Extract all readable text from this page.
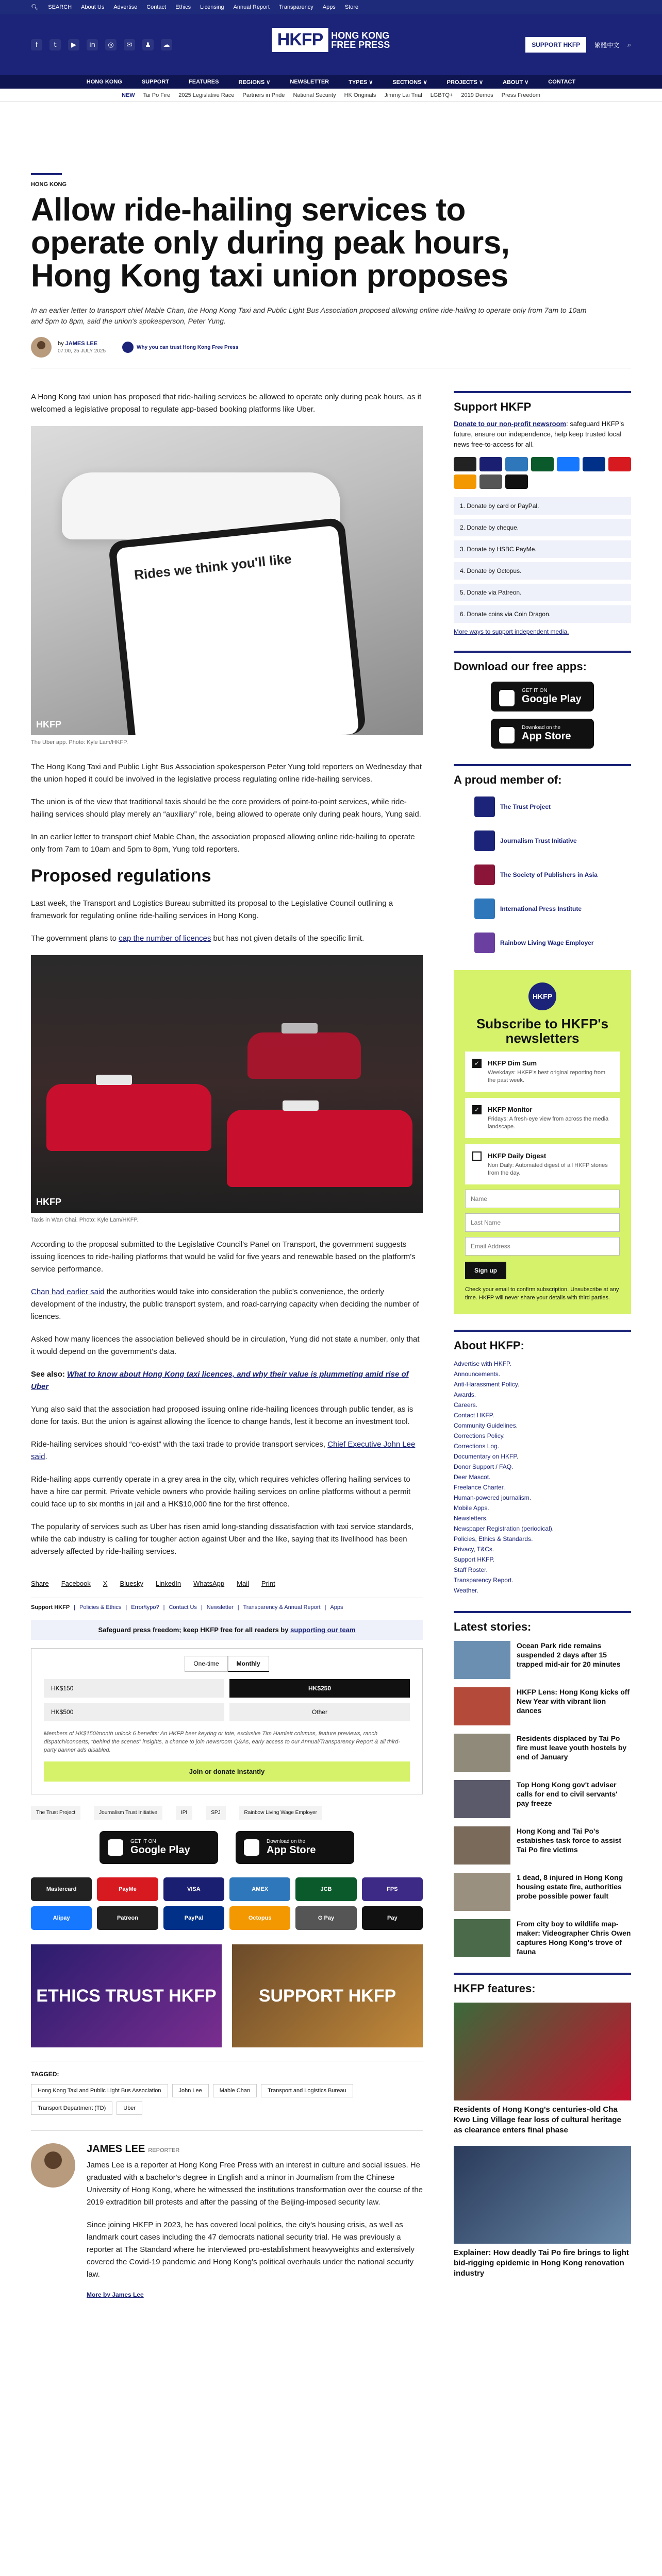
🔍︎ SEARCH About Us Advertise Contact Ethics Licensing Annual Report Transparency Apps Store
f	t	▶	in	◎	✉	♟	☁	HKFP HONG KONG
FREE PRESS	SUPPORT HKFP	繁體中文 ⌕
HONG KONG	SUPPORT	FEATURES	REGIONS ∨	NEWSLETTER	TYPES ∨	SECTIONS ∨	PROJECTS ∨	ABOUT ∨	CONTACT
NEW Tai Po Fire 2025 Legislative Race Partners in Pride National Security HK Originals Jimmy Lai Trial LGBTQ+ 2019 Demos Press Freedom
HONG KONG
Allow ride-hailing services to operate only during peak hours, Hong Kong taxi union proposes

In an earlier letter to transport chief Mable Chan, the Hong Kong Taxi and Public Light Bus Association proposed allowing online ride-hailing to operate only from 7am to 10am and 5pm to 8pm, said the union's spokesperson, Peter Yung.

by JAMES LEE
07:00, 25 JULY 2025
Why you can trust Hong Kong Free Press

A Hong Kong taxi union has proposed that ride-hailing services be allowed to operate only during peak hours, as it welcomed a legislative proposal to regulate app-based booking platforms like Uber.

Rides we think you'll like
HKFP
The Uber app. Photo: Kyle Lam/HKFP.

The Hong Kong Taxi and Public Light Bus Association spokesperson Peter Yung told reporters on Wednesday that the union hoped it could be involved in the legislative process regulating online ride-hailing services.

The union is of the view that traditional taxis should be the core providers of point-to-point services, while ride-hailing services should play merely an “auxiliary” role, being allowed to operate only during peak hours, Yung said.

In an earlier letter to transport chief Mable Chan, the association proposed allowing online ride-hailing to operate only from 7am to 10am and 5pm to 8pm, Yung told reporters.

Proposed regulations

Last week, the Transport and Logistics Bureau submitted its proposal to the Legislative Council outlining a framework for regulating online ride-hailing services in Hong Kong.

The government plans to cap the number of licences but has not given details of the specific limit.

HKFP
Taxis in Wan Chai. Photo: Kyle Lam/HKFP.

According to the proposal submitted to the Legislative Council's Panel on Transport, the government suggests issuing licences to ride-hailing platforms that would be valid for five years and renewable based on the platform's service performance.

Chan had earlier said the authorities would take into consideration the public's convenience, the orderly development of the industry, the public transport system, and road-carrying capacity when deciding the number of licences.

Asked how many licences the association believed should be in circulation, Yung did not state a number, only that it would depend on the government's data.

See also: What to know about Hong Kong taxi licences, and why their value is plummeting amid rise of Uber

Yung also said that the association had proposed issuing online ride-hailing licences through public tender, as is done for taxis. But the union is against allowing the licence to change hands, lest it become an investment tool.

Ride-hailing services should “co-exist” with the taxi trade to provide transport services, Chief Executive John Lee said.

Ride-hailing apps currently operate in a grey area in the city, which requires vehicles offering hailing services to have a hire car permit. Private vehicle owners who provide hailing services on online platforms without a permit could face up to six months in jail and a HK$10,000 fine for the first offence.

The popularity of services such as Uber has risen amid long-standing dissatisfaction with taxi service standards, while the cab industry is calling for tougher action against Uber and the like, saying that its livelihood has been adversely affected by ride-hailing services.

Share Facebook X Bluesky LinkedIn WhatsApp Mail Print
Support HKFP | Policies & Ethics | Error/typo? | Contact Us | Newsletter | Transparency & Annual Report | Apps
Safeguard press freedom; keep HKFP free for all readers by supporting our team
One-time	Monthly
HK$150	HK$250
HK$500	Other
Members of HK$150/month unlock 6 benefits: An HKFP beer keyring or tote, exclusive Tim Hamlett columns, feature previews, ranch dispatch/concerts, “behind the scenes” insights, a chance to join newsroom Q&As, early access to our Annual/Transparency Report & all third-party banner ads disabled.
Join or donate instantly
The Trust Project	Journalism Trust Initiative	IPI	SPJ	Rainbow Living Wage Employer
GET IT ON
Google Play
Download on the
App Store
Mastercard	PayMe	VISA	AMEX	JCB	FPS
Alipay	Patreon	PayPal	Octopus	G Pay	Pay
ETHICS TRUST HKFP	SUPPORT HKFP
TAGGED:
Hong Kong Taxi and Public Light Bus Association	John Lee	Mable Chan	Transport and Logistics Bureau
Transport Department (TD)	Uber
JAMES LEE REPORTER

James Lee is a reporter at Hong Kong Free Press with an interest in culture and social issues. He graduated with a bachelor's degree in English and a minor in Journalism from the Chinese University of Hong Kong, where he witnessed the institutions transformation over the course of the 2019 extradition bill protests and after the passing of the Beijing-imposed security law.

Since joining HKFP in 2023, he has covered local politics, the city's housing crisis, as well as landmark court cases including the 47 democrats national security trial. He was previously a reporter at The Standard where he interviewed pro-establishment heavyweights and extensively covered the Covid-19 pandemic and Hong Kong's political overhauls under the national security law.

More by James Lee
Support HKFP

Donate to our non-profit newsroom: safeguard HKFP's future, ensure our independence, help keep trusted local news free-to-access for all.

1. Donate by card or PayPal.
2. Donate by cheque.
3. Donate by HSBC PayMe.
4. Donate by Octopus.
5. Donate via Patreon.
6. Donate coins via Coin Dragon.
More ways to support independent media.
Download our free apps:
GET IT ON
Google Play
Download on the
App Store
A proud member of:
The Trust Project
Journalism Trust Initiative
The Society of Publishers in Asia
International Press Institute
Rainbow Living Wage Employer
HKFP
Subscribe to HKFP's newsletters
✓	HKFP Dim Sum

Weekdays: HKFP's best original reporting from the past week.

✓	HKFP Monitor

Fridays: A fresh-eye view from across the media landscape.

HKFP Daily Digest

Non Daily: Automated digest of all HKFP stories from the day.

Name Last Name Email Address Sign up

Check your email to confirm subscription. Unsubscribe at any time. HKFP will never share your details with third parties.

About HKFP:
Advertise with HKFP.
Announcements.
Anti-Harassment Policy.
Awards.
Careers.
Contact HKFP.
Community Guidelines.
Corrections Policy.
Corrections Log.
Documentary on HKFP.
Donor Support / FAQ.
Deer Mascot.
Freelance Charter.
Human-powered journalism.
Mobile Apps.
Newsletters.
Newspaper Registration (periodical).
Policies, Ethics & Standards.
Privacy, T&Cs.
Support HKFP.
Staff Roster.
Transparency Report.
Weather.
Latest stories:
Ocean Park ride remains suspended 2 days after 15 trapped mid-air for 20 minutes
HKFP Lens: Hong Kong kicks off New Year with vibrant lion dances
Residents displaced by Tai Po fire must leave youth hostels by end of January
Top Hong Kong gov't adviser calls for end to civil servants' pay freeze
Hong Kong and Tai Po's estabishes task force to assist Tai Po fire victims
1 dead, 8 injured in Hong Kong housing estate fire, authorities probe possible power fault
From city boy to wildlife map-maker: Videographer Chris Owen captures Hong Kong's trove of fauna
HKFP features:
Residents of Hong Kong's centuries-old Cha Kwo Ling Village fear loss of cultural heritage as clearance enters final phase
Explainer: How deadly Tai Po fire brings to light bid-rigging epidemic in Hong Kong renovation industry
